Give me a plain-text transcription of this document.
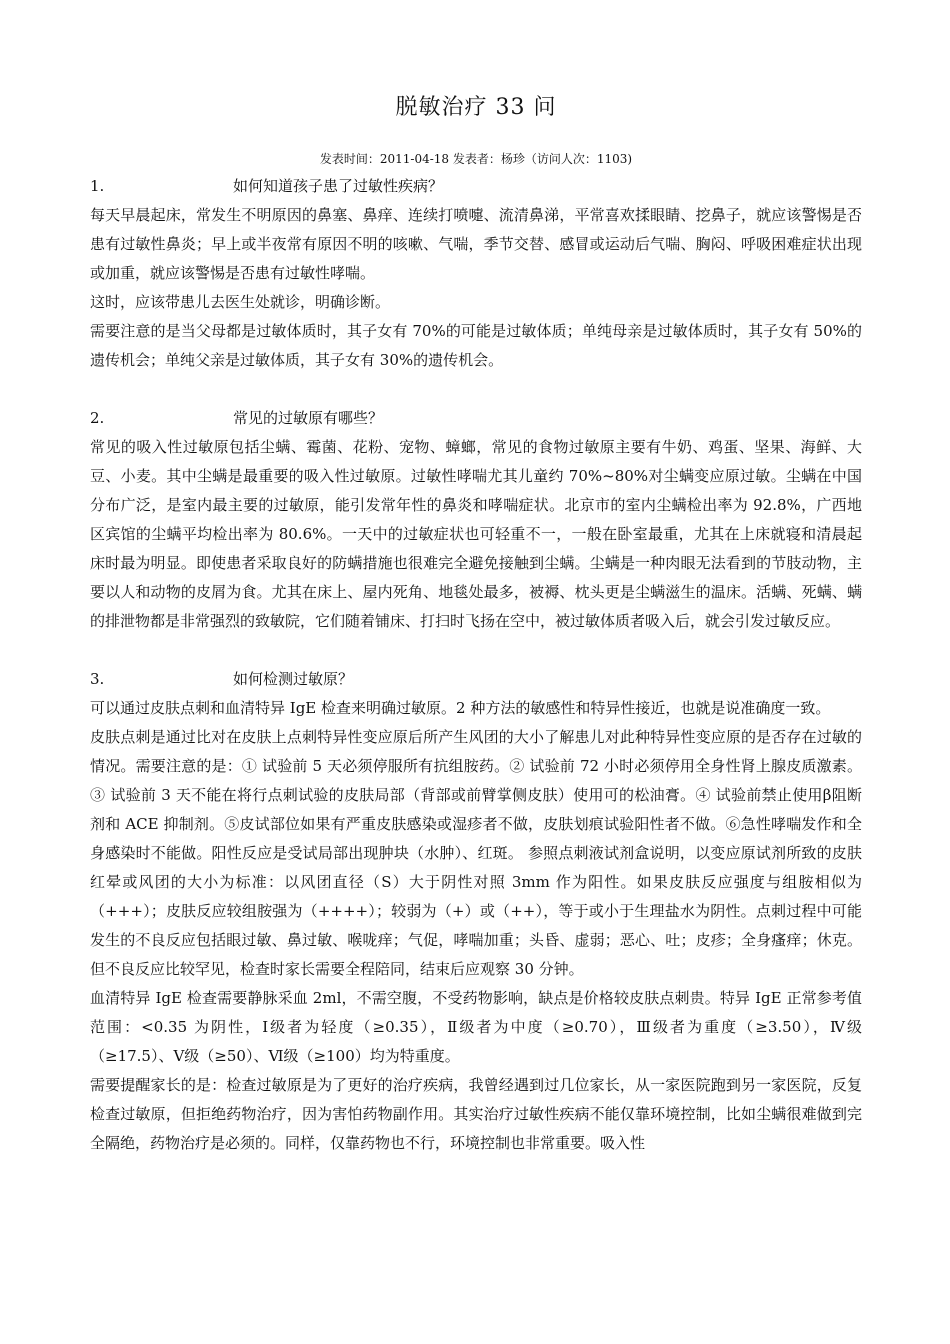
脱敏治疗 33 问
发表时间：2011-04-18 发表者：杨珍（访问人次：1103)
1.	如何知道孩子患了过敏性疾病？

每天早晨起床，常发生不明原因的鼻塞、鼻痒、连续打喷嚏、流清鼻涕，平常喜欢揉眼睛、挖鼻子，就应该警惕是否患有过敏性鼻炎；早上或半夜常有原因不明的咳嗽、气喘，季节交替、感冒或运动后气喘、胸闷、呼吸困难症状出现或加重，就应该警惕是否患有过敏性哮喘。

这时，应该带患儿去医生处就诊，明确诊断。

需要注意的是当父母都是过敏体质时，其子女有 70%的可能是过敏体质；单纯母亲是过敏体质时，其子女有 50%的遗传机会；单纯父亲是过敏体质，其子女有 30%的遗传机会。

2.	常见的过敏原有哪些？

常见的吸入性过敏原包括尘螨、霉菌、花粉、宠物、蟑螂，常见的食物过敏原主要有牛奶、鸡蛋、坚果、海鲜、大豆、小麦。其中尘螨是最重要的吸入性过敏原。过敏性哮喘尤其儿童约 70%~80%对尘螨变应原过敏。尘螨在中国分布广泛，是室内最主要的过敏原，能引发常年性的鼻炎和哮喘症状。北京市的室内尘螨检出率为 92.8%，广西地区宾馆的尘螨平均检出率为 80.6%。一天中的过敏症状也可轻重不一，一般在卧室最重，尤其在上床就寝和清晨起床时最为明显。即使患者采取良好的防螨措施也很难完全避免接触到尘螨。尘螨是一种肉眼无法看到的节肢动物，主要以人和动物的皮屑为食。尤其在床上、屋内死角、地毯处最多，被褥、枕头更是尘螨滋生的温床。活螨、死螨、螨的排泄物都是非常强烈的致敏院，它们随着铺床、打扫时飞扬在空中，被过敏体质者吸入后，就会引发过敏反应。

3.	如何检测过敏原？

可以通过皮肤点刺和血清特异 IgE 检查来明确过敏原。2 种方法的敏感性和特异性接近，也就是说准确度一致。

皮肤点刺是通过比对在皮肤上点刺特异性变应原后所产生风团的大小了解患儿对此种特异性变应原的是否存在过敏的情况。需要注意的是：① 试验前 5 天必须停服所有抗组胺药。② 试验前 72 小时必须停用全身性肾上腺皮质激素。③ 试验前 3 天不能在将行点刺试验的皮肤局部（背部或前臂掌侧皮肤）使用可的松油膏。④ 试验前禁止使用β阻断剂和 ACE 抑制剂。⑤皮试部位如果有严重皮肤感染或湿疹者不做，皮肤划痕试验阳性者不做。⑥急性哮喘发作和全身感染时不能做。阳性反应是受试局部出现肿块（水肿）、红斑。 参照点刺液试剂盒说明，以变应原试剂所致的皮肤红晕或风团的大小为标准：以风团直径（S）大于阴性对照 3mm 作为阳性。如果皮肤反应强度与组胺相似为（+++）；皮肤反应较组胺强为（++++）；较弱为（+）或（++），等于或小于生理盐水为阴性。点刺过程中可能发生的不良反应包括眼过敏、鼻过敏、喉咙痒；气促，哮喘加重；头昏、虚弱；恶心、吐；皮疹；全身瘙痒；休克。但不良反应比较罕见，检查时家长需要全程陪同，结束后应观察 30 分钟。

血清特异 IgE 检查需要静脉采血 2ml，不需空腹，不受药物影响，缺点是价格较皮肤点刺贵。特异 IgE 正常参考值范围：<0.35 为阴性，Ⅰ级者为轻度（≥0.35），Ⅱ级者为中度（≥0.70），Ⅲ级者为重度（≥3.50），Ⅳ级（≥17.5）、Ⅴ级（≥50）、Ⅵ级（≥100）均为特重度。

需要提醒家长的是：检查过敏原是为了更好的治疗疾病，我曾经遇到过几位家长，从一家医院跑到另一家医院，反复检查过敏原，但拒绝药物治疗，因为害怕药物副作用。其实治疗过敏性疾病不能仅靠环境控制，比如尘螨很难做到完全隔绝，药物治疗是必须的。同样，仅靠药物也不行，环境控制也非常重要。吸入性
